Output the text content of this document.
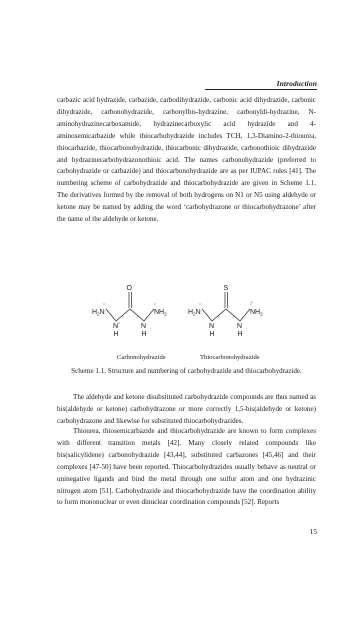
Introduction
carbazic acid hydrazide, carbazide, carbodihydrazide, carbonic acid dihydrazide, carbonic dihydrazide, carbonohydrazide, carbonylbis-hydrazine, carbonyldi-hydrazine, N-aminohydrazinecarboxamide, hydrazinecarboxylic acid hydrazide and 4-aminosemicarbazide while thiocarbohydrazide includes TCH, 1,3-Diamino-2-thiourea, thiocarbazide, thiocarbonohydrazide, thiocarbonic dihydrazide, carbonothioic dihydrazide and hydrazinecarbohydrazonothioic acid. The names carbonohydrazide (preferred to carbohydrazide or carbazide) and thiocarbonohydrazide are as per IUPAC rules [41]. The numbering scheme of carbohydrazide and thiocarbohydrazide are given in Scheme 1.1. The derivatives formed by the removal of both hydrogens on N1 or N5 using aldehyde or ketone may be named by adding the word ‘carbohydrazone or thiocarbohydrazone’ after the name of the aldehyde or ketone.
O
$H_2N$	$NH_2$
N
H
N
H
S
$H_2N$	$NH_2$
N
H
N
H
Carbonohydrazide	Thiocarbonohydrazide
Scheme 1.1. Structure and numbering of carbohydrazide and thiocarbohydrazide.
The aldehyde and ketone disubstituted carbohydrazide compounds are thus named as bis(aldehyde or ketone) carbohydrazone or more correctly 1,5-bis(aldehyde or ketone) carbohydrazone and likewise for substituted thiocarbohydrazides.
Thiourea, thiosemicarbazide and thiocarbohydrazide are known to form complexes with different transition metals [42]. Many closely related compounds like bis(salicylidene) carbonohydrazide [43,44], substituted carbazones [45,46] and their complexes [47-50] have been reported. Thiocarbohydrazides usually behave as neutral or uninegative ligands and bind the metal through one sulfur atom and one hydrazinic nitrogen atom [51]. Carbohydrazide and thiocarbohydrazide have the coordination ability to form mononuclear or even dinuclear coordination compounds [52]. Reports
15
